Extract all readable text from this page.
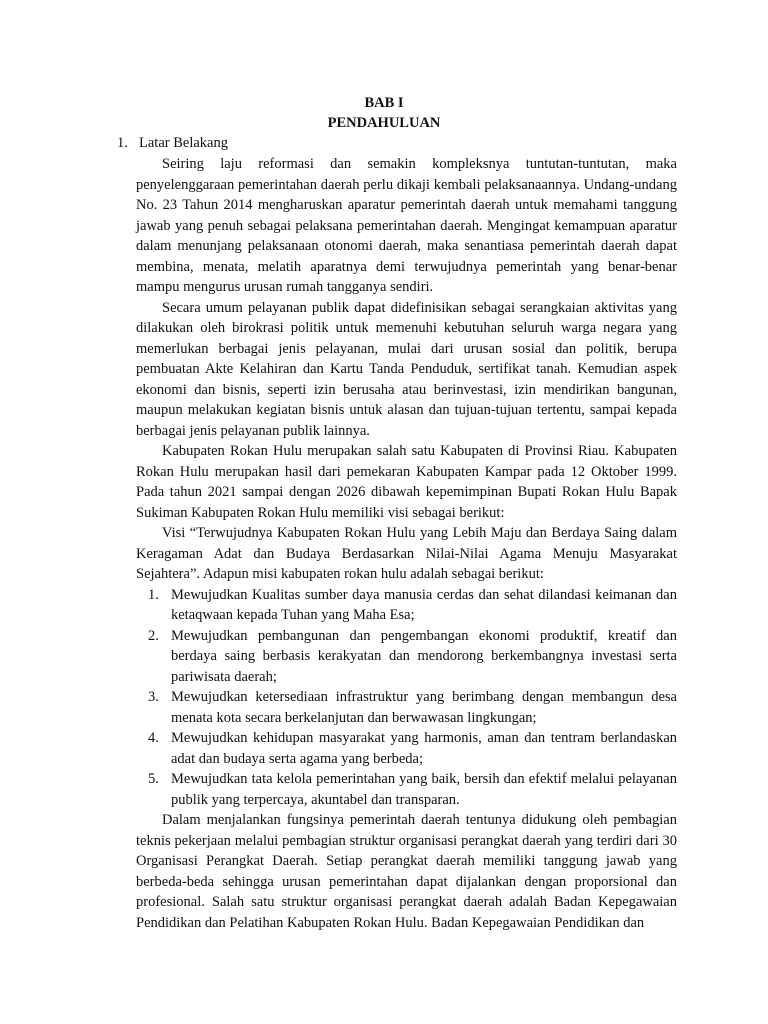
BAB I
PENDAHULUAN
1. Latar Belakang

Seiring laju reformasi dan semakin kompleksnya tuntutan-tuntutan, maka penyelenggaraan pemerintahan daerah perlu dikaji kembali pelaksanaannya. Undang-undang No. 23 Tahun 2014 mengharuskan aparatur pemerintah daerah untuk memahami tanggung jawab yang penuh sebagai pelaksana pemerintahan daerah. Mengingat kemampuan aparatur dalam menunjang pelaksanaan otonomi daerah, maka senantiasa pemerintah daerah dapat membina, menata, melatih aparatnya demi terwujudnya pemerintah yang benar-benar mampu mengurus urusan rumah tangganya sendiri.

Secara umum pelayanan publik dapat didefinisikan sebagai serangkaian aktivitas yang dilakukan oleh birokrasi politik untuk memenuhi kebutuhan seluruh warga negara yang memerlukan berbagai jenis pelayanan, mulai dari urusan sosial dan politik, berupa pembuatan Akte Kelahiran dan Kartu Tanda Penduduk, sertifikat tanah. Kemudian aspek ekonomi dan bisnis, seperti izin berusaha atau berinvestasi, izin mendirikan bangunan, maupun melakukan kegiatan bisnis untuk alasan dan tujuan-tujuan tertentu, sampai kepada berbagai jenis pelayanan publik lainnya.

Kabupaten Rokan Hulu merupakan salah satu Kabupaten di Provinsi Riau. Kabupaten Rokan Hulu merupakan hasil dari pemekaran Kabupaten Kampar pada 12 Oktober 1999. Pada tahun 2021 sampai dengan 2026 dibawah kepemimpinan Bupati Rokan Hulu Bapak Sukiman Kabupaten Rokan Hulu memiliki visi sebagai berikut:

Visi “Terwujudnya Kabupaten Rokan Hulu yang Lebih Maju dan Berdaya Saing dalam Keragaman Adat dan Budaya Berdasarkan Nilai-Nilai Agama Menuju Masyarakat Sejahtera”. Adapun misi kabupaten rokan hulu adalah sebagai berikut:

1. Mewujudkan Kualitas sumber daya manusia cerdas dan sehat dilandasi keimanan dan ketaqwaan kepada Tuhan yang Maha Esa;
2. Mewujudkan pembangunan dan pengembangan ekonomi produktif, kreatif dan berdaya saing berbasis kerakyatan dan mendorong berkembangnya investasi serta pariwisata daerah;
3. Mewujudkan ketersediaan infrastruktur yang berimbang dengan membangun desa menata kota secara berkelanjutan dan berwawasan lingkungan;
4. Mewujudkan kehidupan masyarakat yang harmonis, aman dan tentram berlandaskan adat dan budaya serta agama yang berbeda;
5. Mewujudkan tata kelola pemerintahan yang baik, bersih dan efektif melalui pelayanan publik yang terpercaya, akuntabel dan transparan.

Dalam menjalankan fungsinya pemerintah daerah tentunya didukung oleh pembagian teknis pekerjaan melalui pembagian struktur organisasi perangkat daerah yang terdiri dari 30 Organisasi Perangkat Daerah. Setiap perangkat daerah memiliki tanggung jawab yang berbeda-beda sehingga urusan pemerintahan dapat dijalankan dengan proporsional dan profesional. Salah satu struktur organisasi perangkat daerah adalah Badan Kepegawaian Pendidikan dan Pelatihan Kabupaten Rokan Hulu. Badan Kepegawaian Pendidikan dan
